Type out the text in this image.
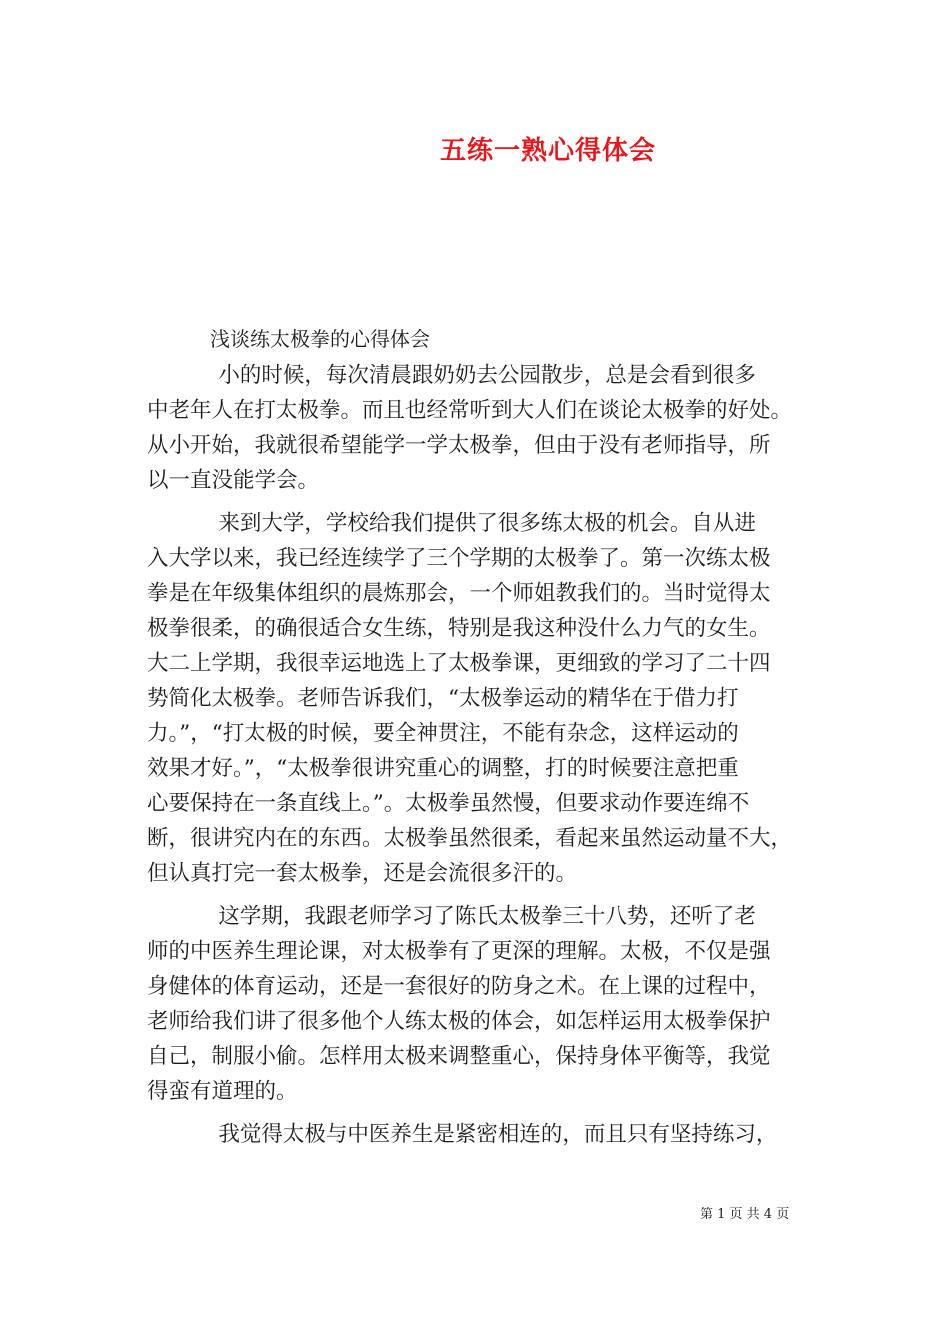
五练一熟心得体会
浅谈练太极拳的心得体会
　　　 小的时候，每次清晨跟奶奶去公园散步，总是会看到很多
中老年人在打太极拳。而且也经常听到大人们在谈论太极拳的好处。
从小开始，我就很希望能学一学太极拳，但由于没有老师指导，所
以一直没能学会。
　　　 来到大学，学校给我们提供了很多练太极的机会。自从进
入大学以来，我已经连续学了三个学期的太极拳了。第一次练太极
拳是在年级集体组织的晨炼那会，一个师姐教我们的。当时觉得太
极拳很柔，的确很适合女生练，特别是我这种没什么力气的女生。
大二上学期，我很幸运地选上了太极拳课，更细致的学习了二十四
势简化太极拳。老师告诉我们，“太极拳运动的精华在于借力打
力。”，“打太极的时候，要全神贯注，不能有杂念，这样运动的
效果才好。”，“太极拳很讲究重心的调整，打的时候要注意把重
心要保持在一条直线上。”。太极拳虽然慢，但要求动作要连绵不
断，很讲究内在的东西。太极拳虽然很柔，看起来虽然运动量不大，
但认真打完一套太极拳，还是会流很多汗的。
　　　 这学期，我跟老师学习了陈氏太极拳三十八势，还听了老
师的中医养生理论课，对太极拳有了更深的理解。太极，不仅是强
身健体的体育运动，还是一套很好的防身之术。在上课的过程中，
老师给我们讲了很多他个人练太极的体会，如怎样运用太极拳保护
自己，制服小偷。怎样用太极来调整重心，保持身体平衡等，我觉
得蛮有道理的。
　　　 我觉得太极与中医养生是紧密相连的，而且只有坚持练习，
第 1 页 共 4 页
